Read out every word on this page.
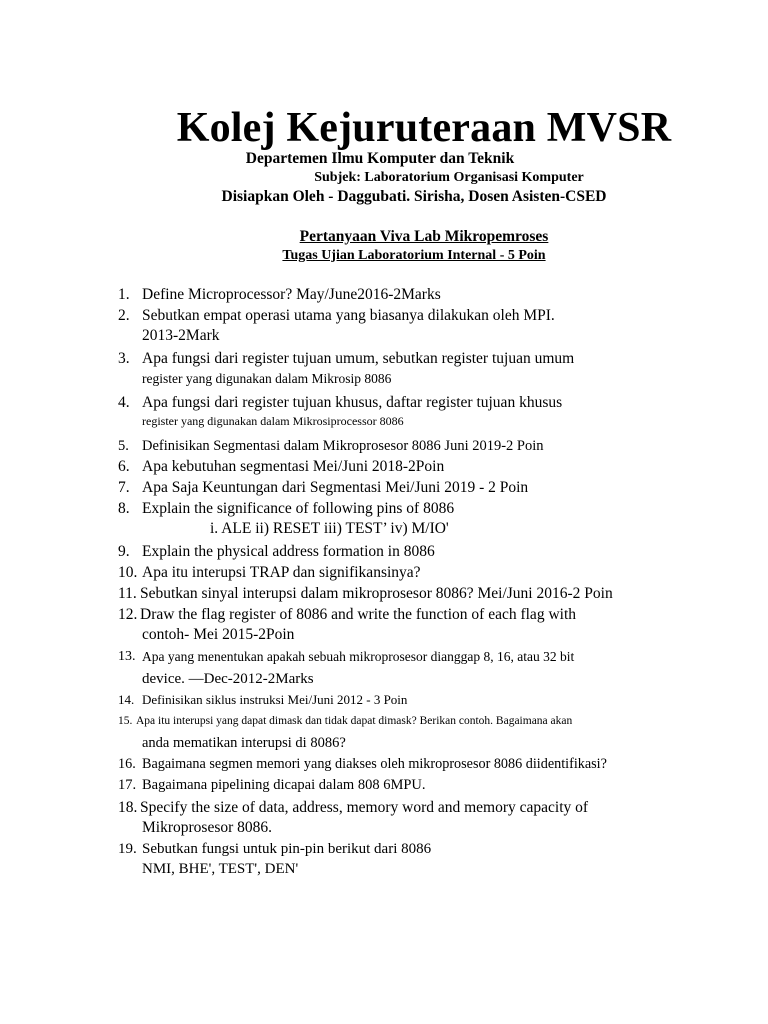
Kolej Kejuruteraan MVSR
Departemen Ilmu Komputer dan Teknik
Subjek: Laboratorium Organisasi Komputer
Disiapkan Oleh - Daggubati. Sirisha, Dosen Asisten-CSED
Pertanyaan Viva Lab Mikropemroses
Tugas Ujian Laboratorium Internal - 5 Poin
1. Define Microprocessor? May/June2016-2Marks
2. Sebutkan empat operasi utama yang biasanya dilakukan oleh MPI.
2013-2Mark
3. Apa fungsi dari register tujuan umum, sebutkan register tujuan umum
register yang digunakan dalam Mikrosip 8086
4. Apa fungsi dari register tujuan khusus, daftar register tujuan khusus
register yang digunakan dalam Mikrosiprocessor 8086
5. Definisikan Segmentasi dalam Mikroprosesor 8086 Juni 2019-2 Poin
6. Apa kebutuhan segmentasi Mei/Juni 2018-2Poin
7. Apa Saja Keuntungan dari Segmentasi Mei/Juni 2019 - 2 Poin
8. Explain the significance of following pins of 8086
i. ALE ii) RESET iii) TEST’ iv) M/IO'
9. Explain the physical address formation in 8086
10. Apa itu interupsi TRAP dan signifikansinya?
11. Sebutkan sinyal interupsi dalam mikroprosesor 8086? Mei/Juni 2016-2 Poin
12. Draw the flag register of 8086 and write the function of each flag with
contoh- Mei 2015-2Poin
13. Apa yang menentukan apakah sebuah mikroprosesor dianggap 8, 16, atau 32 bit
device. —Dec-2012-2Marks
14. Definisikan siklus instruksi Mei/Juni 2012 - 3 Poin
15. Apa itu interupsi yang dapat dimask dan tidak dapat dimask? Berikan contoh. Bagaimana akan
anda mematikan interupsi di 8086?
16. Bagaimana segmen memori yang diakses oleh mikroprosesor 8086 diidentifikasi?
17. Bagaimana pipelining dicapai dalam 808 6MPU.
18. Specify the size of data, address, memory word and memory capacity of
Mikroprosesor 8086.
19. Sebutkan fungsi untuk pin-pin berikut dari 8086
NMI, BHE', TEST', DEN'
